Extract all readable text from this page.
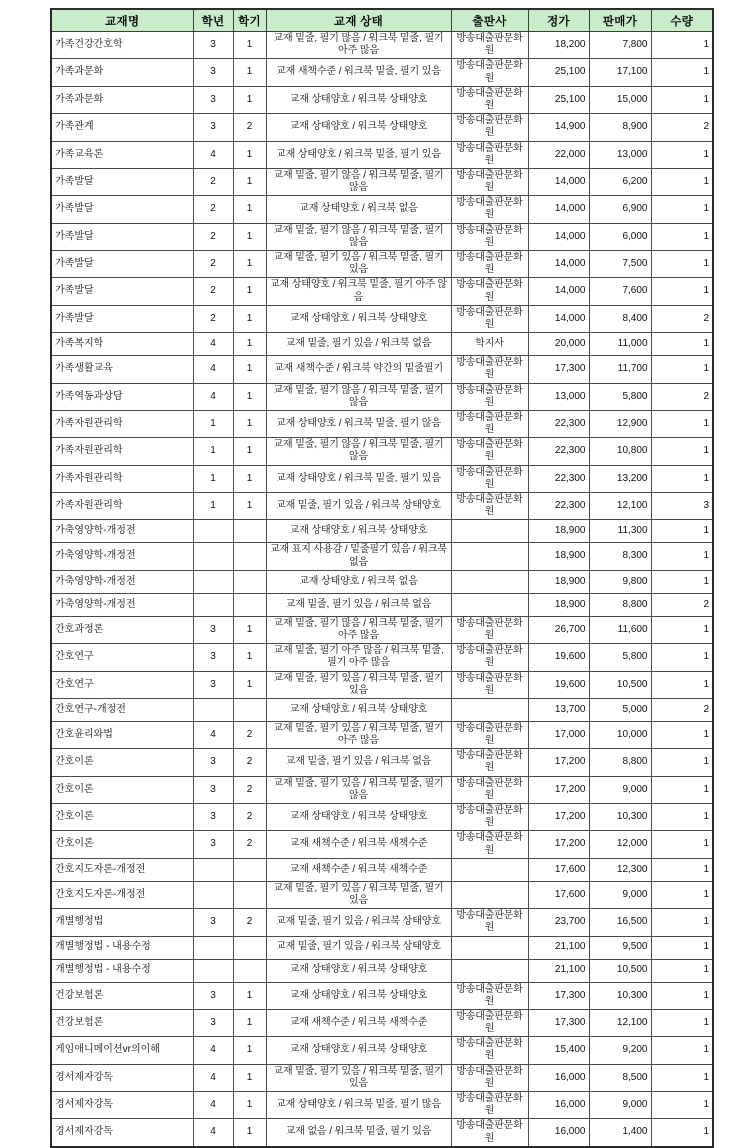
교재명	학년	학기	교재 상태	출판사	정가	판매가	수량
가족건강간호학	3	1	교재 밑줄, 필기 많음 / 워크북 밑줄, 필기 아주 많음	방송대출판문화원	18,200	7,800	1
가족과문화	3	1	교재 새책수준 / 워크북 밑줄, 필기 있음	방송대출판문화원	25,100	17,100	1
가족과문화	3	1	교재 상태양호 / 워크북 상태양호	방송대출판문화원	25,100	15,000	1
가족관계	3	2	교재 상태양호 / 워크북 상태양호	방송대출판문화원	14,900	8,900	2
가족교육론	4	1	교재 상태양호 / 워크북 밑줄, 필기 있음	방송대출판문화원	22,000	13,000	1
가족발달	2	1	교재 밑줄, 필기 않음 / 워크북 밑줄, 필기 않음	방송대출판문화원	14,000	6,200	1
가족발달	2	1	교재 상태양호 / 워크북 없음	방송대출판문화원	14,000	6,900	1
가족발달	2	1	교재 밑줄, 필기 않음 / 워크북 밑줄, 필기 않음	방송대출판문화원	14,000	6,000	1
가족발달	2	1	교재 밑줄, 필기 있음 / 워크북 밑줄, 필기 있음	방송대출판문화원	14,000	7,500	1
가족발달	2	1	교재 상태양호 / 워크북 밑줄, 필기 아주 않음	방송대출판문화원	14,000	7,600	1
가족발달	2	1	교재 상태양호 / 워크북 상태양호	방송대출판문화원	14,000	8,400	2
가족복지학	4	1	교재 밑줄, 필기 있음 / 워크북 없음	학지사	20,000	11,000	1
가족생활교육	4	1	교재 새책수준 / 워크북 약간의 밑줄필기	방송대출판문화원	17,300	11,700	1
가족역동과상담	4	1	교재 밑줄, 필기 않음 / 워크북 밑줄, 필기 않음	방송대출판문화원	13,000	5,800	2
가족자원관리학	1	1	교재 상태양호 / 워크북 밑줄, 필기 않음	방송대출판문화원	22,300	12,900	1
가족자원관리학	1	1	교재 밑줄, 필기 않음 / 워크북 밑줄, 필기 않음	방송대출판문화원	22,300	10,800	1
가족자원관리학	1	1	교재 상태양호 / 워크북 밑줄, 필기 있음	방송대출판문화원	22,300	13,200	1
가족자원관리학	1	1	교재 밑줄, 필기 있음 / 워크북 상태양호	방송대출판문화원	22,300	12,100	3
가축영양학-개정전			교재 상태양호 / 워크북 상태양호		18,900	11,300	1
가축영양학-개정전			교재 표지 사용감 / 밑줄필기 있음 / 워크북 없음		18,900	8,300	1
가축영양학-개정전			교재 상태양호 / 워크북 없음		18,900	9,800	1
가축영양학-개정전			교재 밑줄, 필기 있음 / 워크북 없음		18,900	8,800	2
간호과정론	3	1	교재 밑줄, 필기 많음 / 워크북 밑줄, 필기 아주 많음	방송대출판문화원	26,700	11,600	1
간호연구	3	1	교재 밑줄, 필기 아주 많음 / 워크북 밑줄, 필기 아주 많음	방송대출판문화원	19,600	5,800	1
간호연구	3	1	교재 밑줄, 필기 있음 / 워크북 밑줄, 필기 있음	방송대출판문화원	19,600	10,500	1
간호연구-개정전			교재 상태양호 / 워크북 상태양호		13,700	5,000	2
간호윤리와법	4	2	교재 밑줄, 필기 있음 / 워크북 밑줄, 필기 아주 많음	방송대출판문화원	17,000	10,000	1
간호이론	3	2	교재 밑줄, 필기 있음 / 워크북 없음	방송대출판문화원	17,200	8,800	1
간호이론	3	2	교재 밑줄, 필기 있음 / 워크북 밑줄, 필기 않음	방송대출판문화원	17,200	9,000	1
간호이론	3	2	교재 상태양호 / 워크북 상태양호	방송대출판문화원	17,200	10,300	1
간호이론	3	2	교재 새책수준 / 워크북 새책수준	방송대출판문화원	17,200	12,000	1
간호지도자론-개정전			교재 새책수준 / 워크북 새책수준		17,600	12,300	1
간호지도자론-개정전			교재 밑줄, 필기 있음 / 워크북 밑줄, 필기 있음		17,600	9,000	1
개별행정법	3	2	교재 밑줄, 필기 있음 / 워크북 상태양호	방송대출판문화원	23,700	16,500	1
개별행정법 - 내용수정			교재 밑줄, 필기 있음 / 워크북 상태양호		21,100	9,500	1
개별행정법 - 내용수정			교재 상태양호 / 워크북 상태양호		21,100	10,500	1
건강보험론	3	1	교재 상태양호 / 워크북 상태양호	방송대출판문화원	17,300	10,300	1
건강보험론	3	1	교재 새책수준 / 워크북 새책수준	방송대출판문화원	17,300	12,100	1
게임애니메이션vr의이해	4	1	교재 상태양호 / 워크북 상태양호	방송대출판문화원	15,400	9,200	1
경서제자강독	4	1	교재 밑줄, 필기 있음 / 워크북 밑줄, 필기 있음	방송대출판문화원	16,000	8,500	1
경서제자강독	4	1	교재 상태양호 / 워크북 밑줄, 필기 많음	방송대출판문화원	16,000	9,000	1
경서제자강독	4	1	교재 없음 / 워크북 밑줄, 필기 있음	방송대출판문화원	16,000	1,400	1
